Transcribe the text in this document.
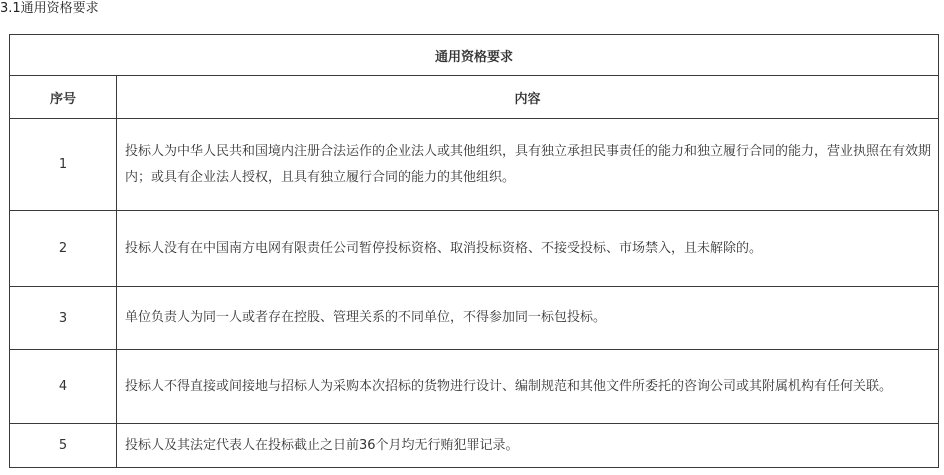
3.1通用资格要求
通用资格要求	
序号	内容
1	投标人为中华人民共和国境内注册合法运作的企业法人或其他组织，具有独立承担民事责任的能力和独立履行合同的能力，营业执照在有效期内；或具有企业法人授权，且具有独立履行合同的能力的其他组织。
2	投标人没有在中国南方电网有限责任公司暂停投标资格、取消投标资格、不接受投标、市场禁入，且未解除的。
3	单位负责人为同一人或者存在控股、管理关系的不同单位，不得参加同一标包投标。
4	投标人不得直接或间接地与招标人为采购本次招标的货物进行设计、编制规范和其他文件所委托的咨询公司或其附属机构有任何关联。
5	投标人及其法定代表人在投标截止之日前36个月均无行贿犯罪记录。
